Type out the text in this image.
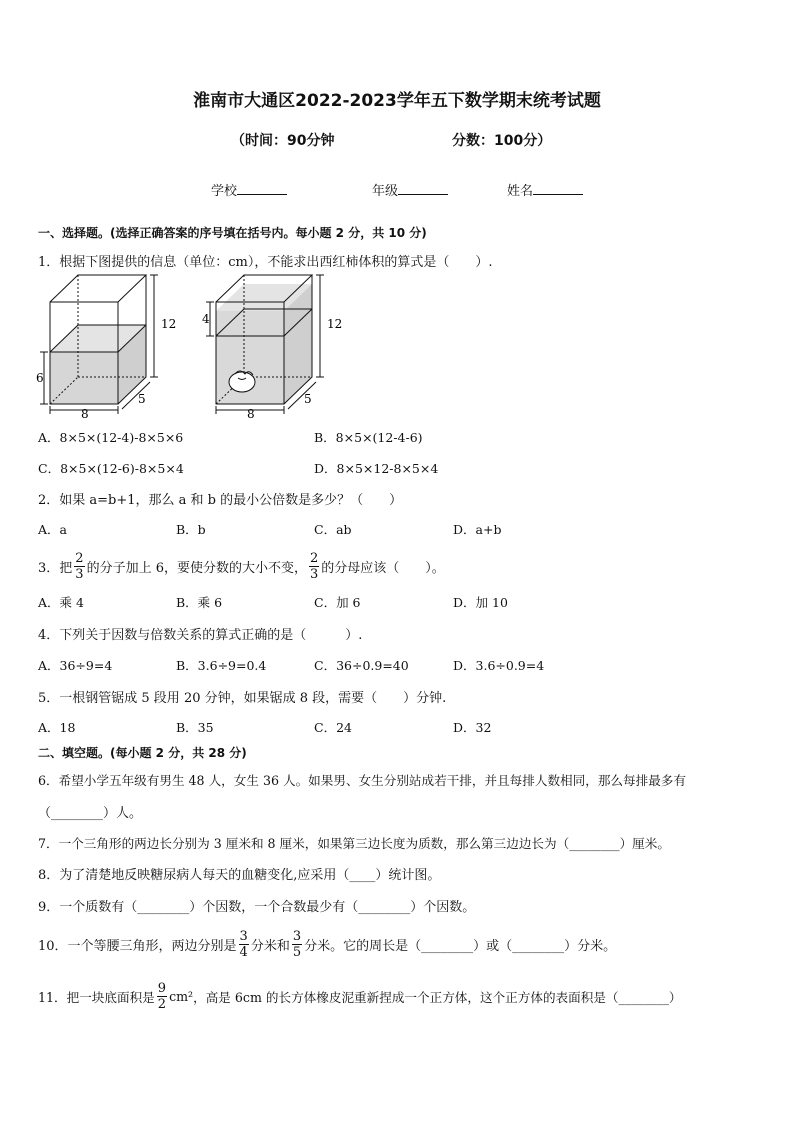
淮南市大通区2022-2023学年五下数学期末统考试题
（时间：90分钟	分数：100分）
学校	年级	姓名
一、选择题。(选择正确答案的序号填在括号内。每小题 2 分，共 10 分)
1．根据下图提供的信息（单位：cm），不能求出西红柿体积的算式是（　　）.
12
6
8
5
12
4
8
5
A．8×5×(12-4)-8×5×6	B．8×5×(12-4-6)
C．8×5×(12-6)-8×5×4	D．8×5×12-8×5×4
2．如果 a=b+1，那么 a 和 b 的最小公倍数是多少？（　　）
A．a	B．b	C．ab	D．a+b
3．把 $\frac{2}{3}$ 的分子加上 6，要使分数的大小不变， $\frac{2}{3}$ 的分母应该（　　）。
A．乘 4	B．乘 6	C．加 6	D．加 10
4．下列关于因数与倍数关系的算式正确的是（　　　）.
A．36÷9=4	B．3.6÷9=0.4	C．36÷0.9=40	D．3.6÷0.9=4
5．一根钢管锯成 5 段用 20 分钟，如果锯成 8 段，需要（　　）分钟.
A．18	B．35	C．24	D．32
二、填空题。(每小题 2 分，共 28 分)
6．希望小学五年级有男生 48 人，女生 36 人。如果男、女生分别站成若干排，并且每排人数相同，那么每排最多有
（________）人。
7．一个三角形的两边长分别为 3 厘米和 8 厘米，如果第三边长度为质数，那么第三边边长为（________）厘米。
8．为了清楚地反映糖尿病人每天的血糖变化,应采用（____）统计图。
9．一个质数有（________）个因数，一个合数最少有（________）个因数。
10．一个等腰三角形，两边分别是 $\frac{3}{4}$ 分米和 $\frac{3}{5}$ 分米。它的周长是（________）或（________）分米。
11．把一块底面积是 $\frac{9}{2} cm^2$ ，高是 6cm 的长方体橡皮泥重新捏成一个正方体，这个正方体的表面积是（________）
